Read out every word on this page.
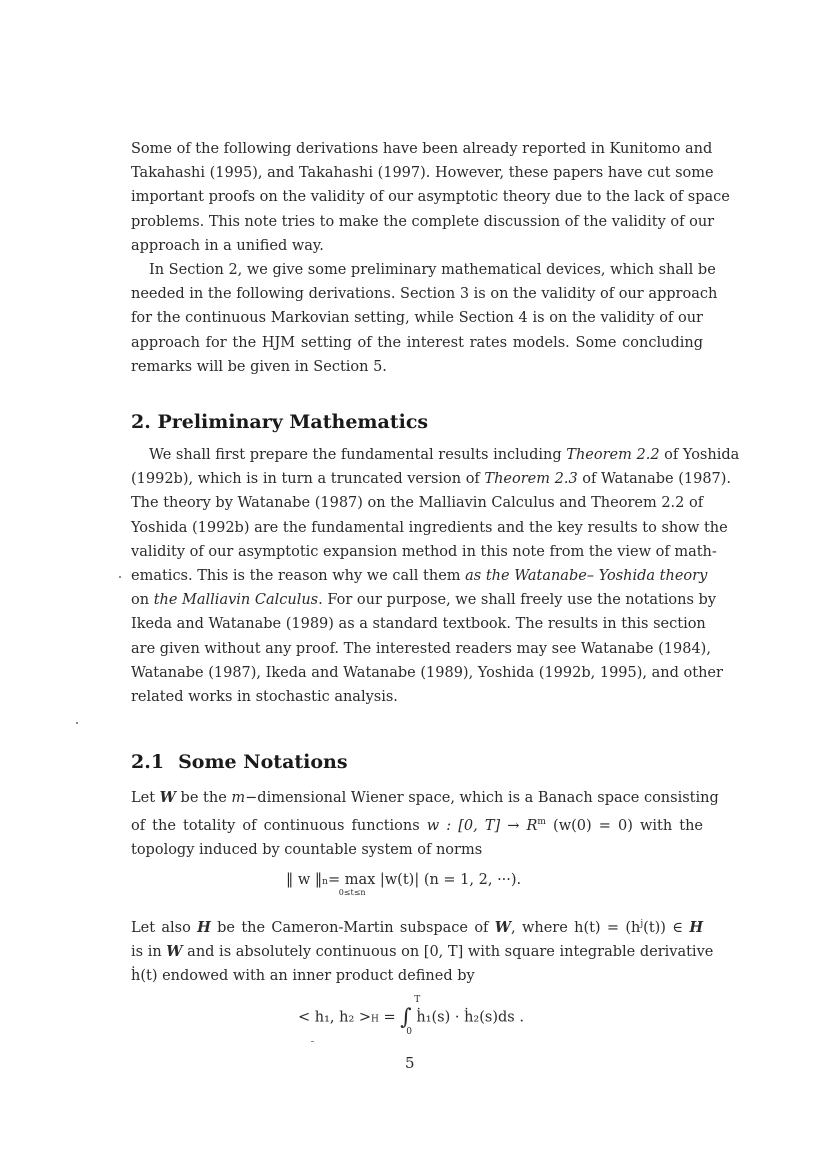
Some of the following derivations have been already reported in Kunitomo and
Takahashi (1995), and Takahashi (1997). However, these papers have cut some
important proofs on the validity of our asymptotic theory due to the lack of space
problems. This note tries to make the complete discussion of the validity of our
approach in a unified way.
In Section 2, we give some preliminary mathematical devices, which shall be
needed in the following derivations. Section 3 is on the validity of our approach
for the continuous Markovian setting, while Section 4 is on the validity of our
approach for the HJM setting of the interest rates models. Some concluding
remarks will be given in Section 5.
2. Preliminary Mathematics
We shall first prepare the fundamental results including Theorem 2.2 of Yoshida
(1992b), which is in turn a truncated version of Theorem 2.3 of Watanabe (1987).
The theory by Watanabe (1987) on the Malliavin Calculus and Theorem 2.2 of
Yoshida (1992b) are the fundamental ingredients and the key results to show the
validity of our asymptotic expansion method in this note from the view of math-
ematics. This is the reason why we call them as the Watanabe– Yoshida theory
on the Malliavin Calculus. For our purpose, we shall freely use the notations by
Ikeda and Watanabe (1989) as a standard textbook. The results in this section
are given without any proof. The interested readers may see Watanabe (1984),
Watanabe (1987), Ikeda and Watanabe (1989), Yoshida (1992b, 1995), and other
related works in stochastic analysis.
2.1 Some Notations
Let W be the m−dimensional Wiener space, which is a Banach space consisting
of the totality of continuous functions w : [0, $T] \to R^m$ (w(0) = 0) with the
topology induced by countable system of norms
‖ w ‖n= max
0≤t≤n
|w(t)| (n = 1, 2, ···).
Let also H be the Cameron-Martin subspace of W, where $h(t) = (h^j(t))$ ∈ H
is in W and is absolutely continuous on [0, T] with square integrable derivative
ḣ(t) endowed with an inner product defined by
< h₁, h₂ >H = ∫
T
0
ḣ₁(s) · ḣ₂(s)ds .
5
